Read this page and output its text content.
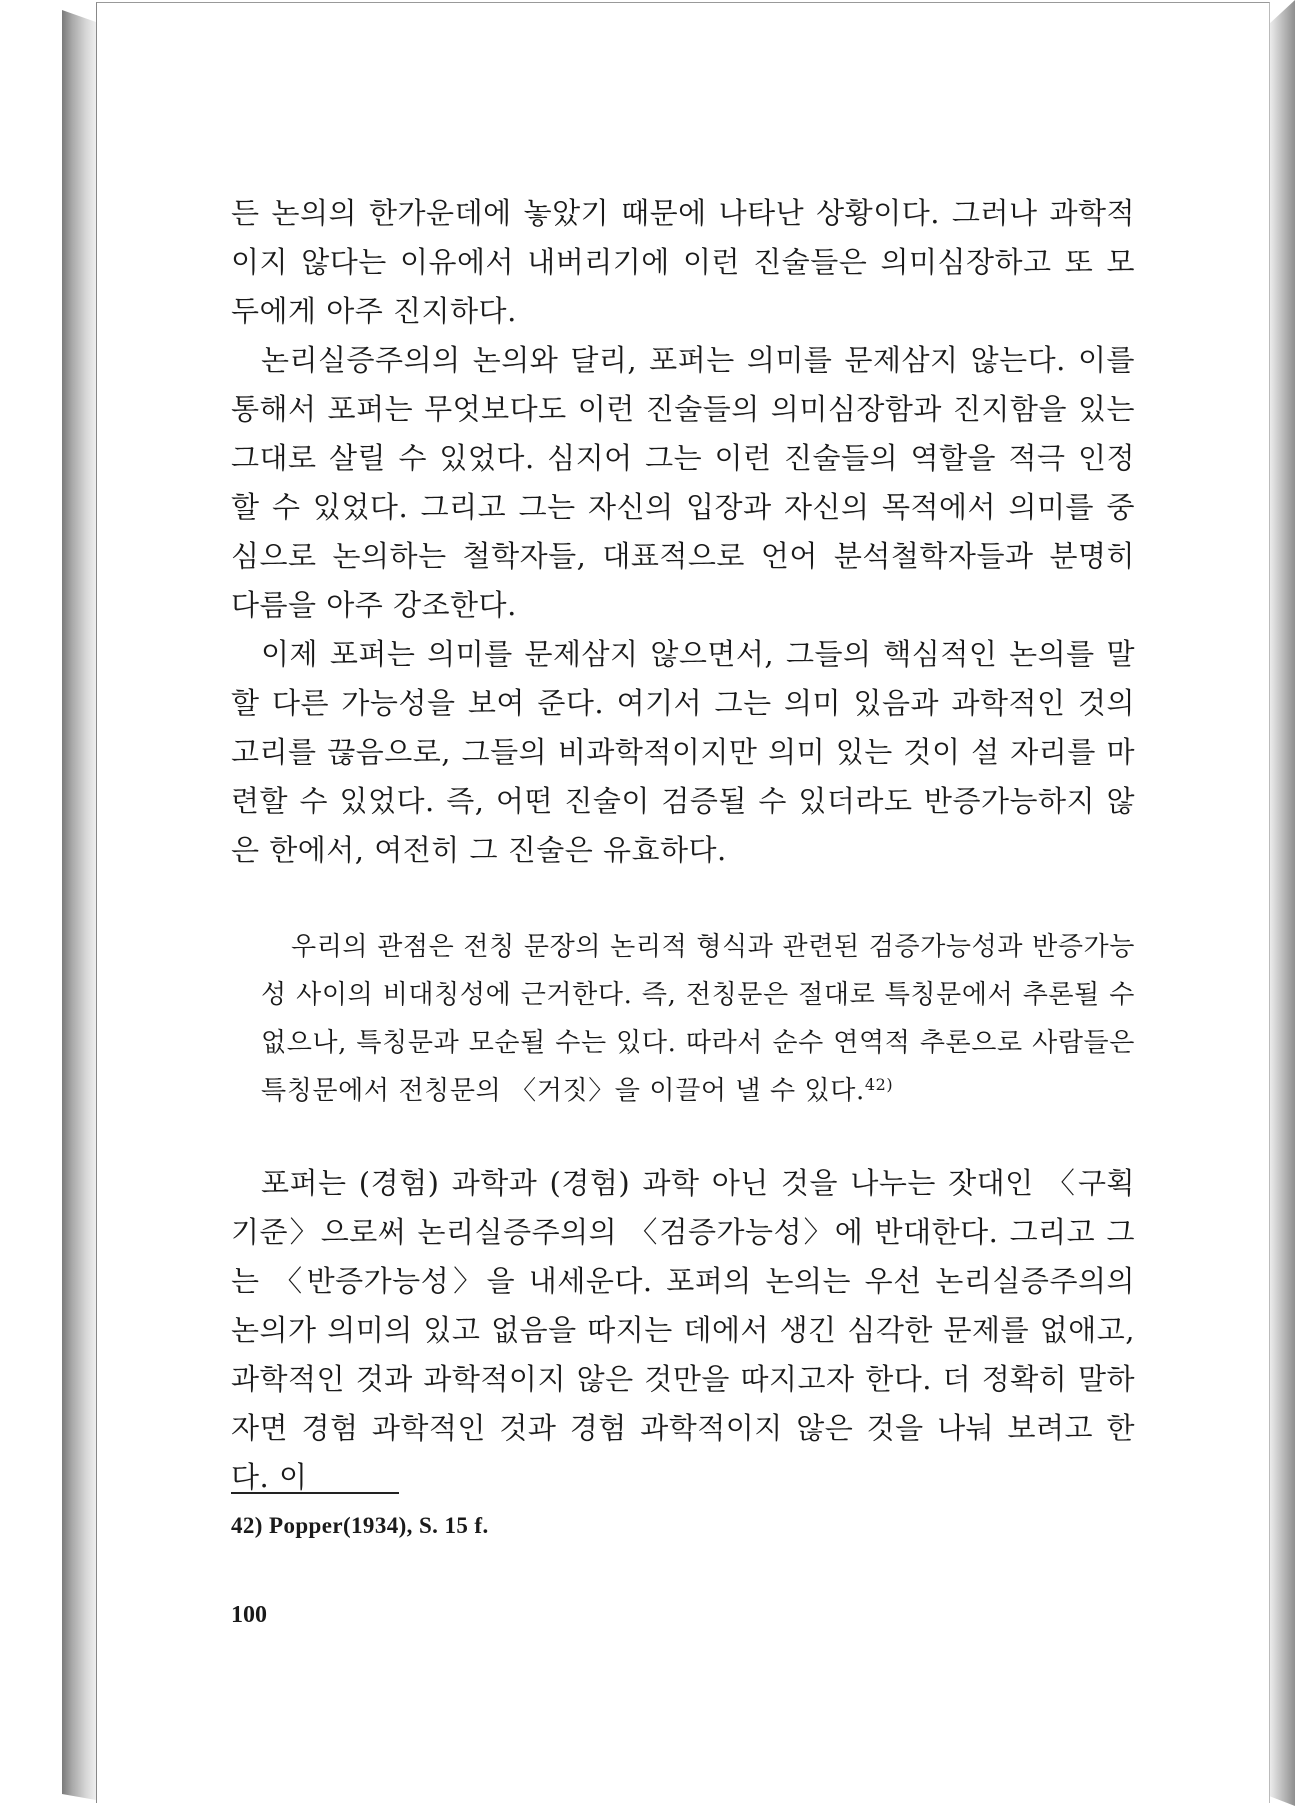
든 논의의 한가운데에 놓았기 때문에 나타난 상황이다. 그러나 과학적이지 않다는 이유에서 내버리기에 이런 진술들은 의미심장하고 또 모두에게 아주 진지하다.

논리실증주의의 논의와 달리, 포퍼는 의미를 문제삼지 않는다. 이를 통해서 포퍼는 무엇보다도 이런 진술들의 의미심장함과 진지함을 있는 그대로 살릴 수 있었다. 심지어 그는 이런 진술들의 역할을 적극 인정할 수 있었다. 그리고 그는 자신의 입장과 자신의 목적에서 의미를 중심으로 논의하는 철학자들, 대표적으로 언어 분석철학자들과 분명히 다름을 아주 강조한다.

이제 포퍼는 의미를 문제삼지 않으면서, 그들의 핵심적인 논의를 말할 다른 가능성을 보여 준다. 여기서 그는 의미 있음과 과학적인 것의 고리를 끊음으로, 그들의 비과학적이지만 의미 있는 것이 설 자리를 마련할 수 있었다. 즉, 어떤 진술이 검증될 수 있더라도 반증가능하지 않은 한에서, 여전히 그 진술은 유효하다.

우리의 관점은 전칭 문장의 논리적 형식과 관련된 검증가능성과 반증가능성 사이의 비대칭성에 근거한다. 즉, 전칭문은 절대로 특칭문에서 추론될 수 없으나, 특칭문과 모순될 수는 있다. 따라서 순수 연역적 추론으로 사람들은 특칭문에서 전칭문의 〈거짓〉을 이끌어 낼 수 있다.$^{42)}$

포퍼는 (경험) 과학과 (경험) 과학 아닌 것을 나누는 잣대인 〈구획기준〉으로써 논리실증주의의 〈검증가능성〉에 반대한다. 그리고 그는 〈반증가능성〉을 내세운다. 포퍼의 논의는 우선 논리실증주의의 논의가 의미의 있고 없음을 따지는 데에서 생긴 심각한 문제를 없애고, 과학적인 것과 과학적이지 않은 것만을 따지고자 한다. 더 정확히 말하자면 경험 과학적인 것과 경험 과학적이지 않은 것을 나눠 보려고 한다. 이

42) Popper(1934), S. 15 f.
100
